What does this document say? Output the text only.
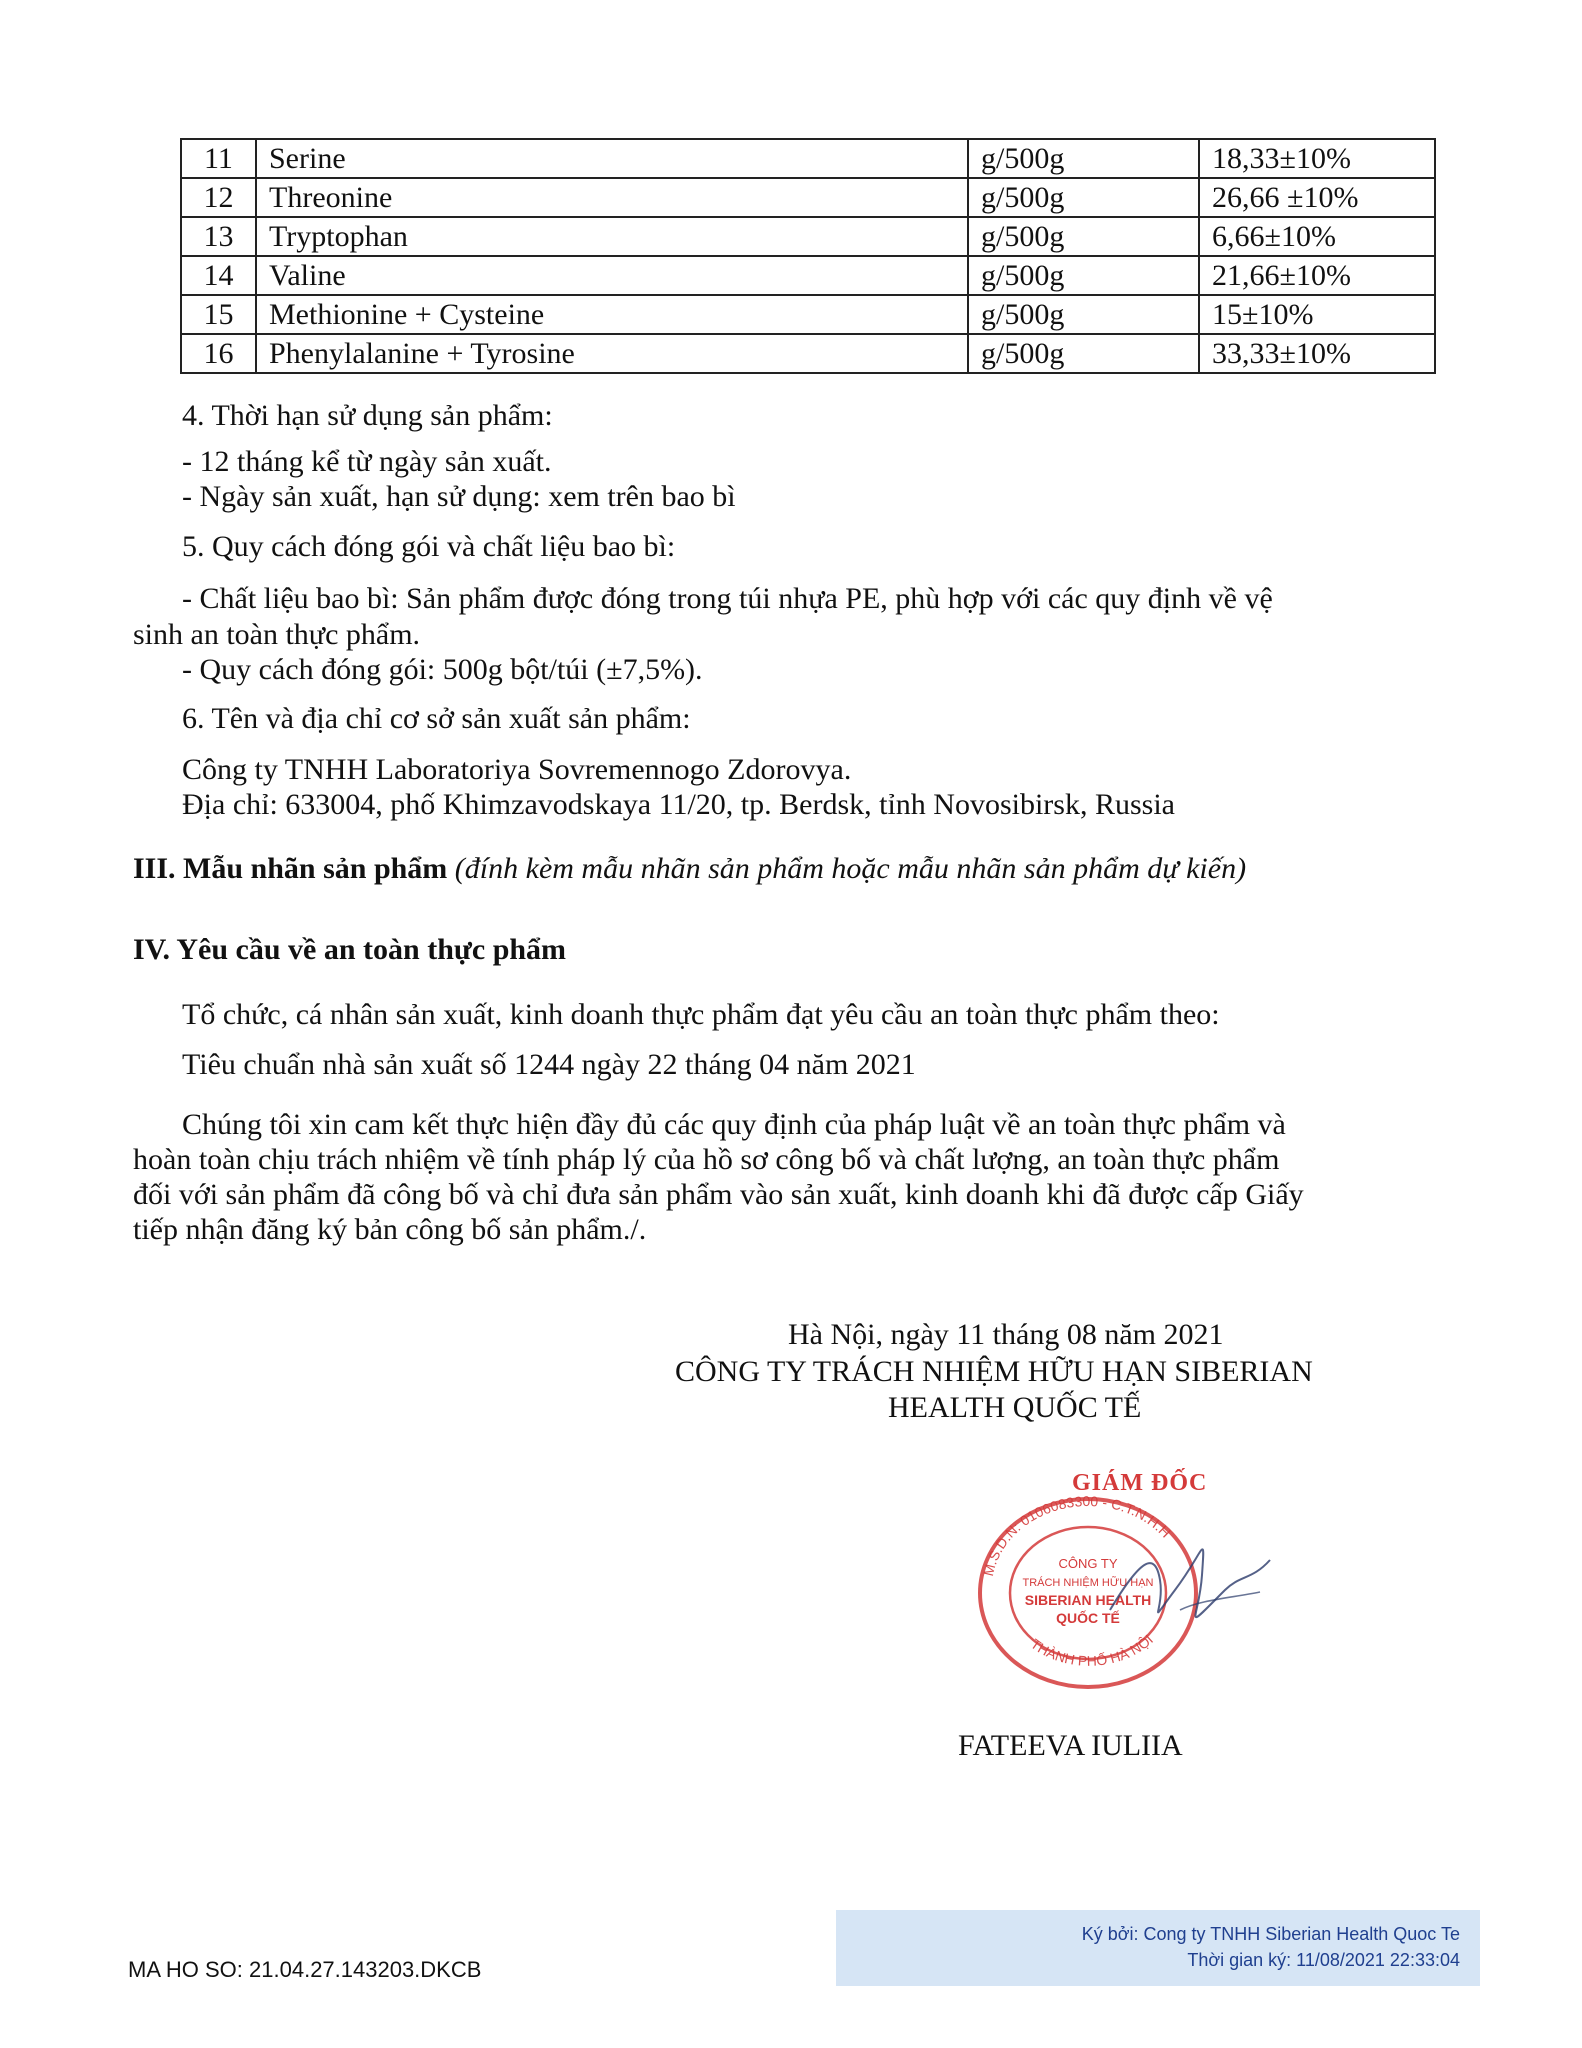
11	Serine	g/500g	18,33±10%
12	Threonine	g/500g	26,66 ±10%
13	Tryptophan	g/500g	6,66±10%
14	Valine	g/500g	21,66±10%
15	Methionine + Cysteine	g/500g	15±10%
16	Phenylalanine + Tyrosine	g/500g	33,33±10%
4. Thời hạn sử dụng sản phẩm:
- 12 tháng kể từ ngày sản xuất.
- Ngày sản xuất, hạn sử dụng: xem trên bao bì
5. Quy cách đóng gói và chất liệu bao bì:
- Chất liệu bao bì: Sản phẩm được đóng trong túi nhựa PE, phù hợp với các quy định về vệ
sinh an toàn thực phẩm.
- Quy cách đóng gói: 500g bột/túi (±7,5%).
6. Tên và địa chỉ cơ sở sản xuất sản phẩm:
Công ty TNHH Laboratoriya Sovremennogo Zdorovya.
Địa chỉ: 633004, phố Khimzavodskaya 11/20, tp. Berdsk, tỉnh Novosibirsk, Russia
III. Mẫu nhãn sản phẩm (đính kèm mẫu nhãn sản phẩm hoặc mẫu nhãn sản phẩm dự kiến)
IV. Yêu cầu về an toàn thực phẩm
Tổ chức, cá nhân sản xuất, kinh doanh thực phẩm đạt yêu cầu an toàn thực phẩm theo:
Tiêu chuẩn nhà sản xuất số 1244 ngày 22 tháng 04 năm 2021
Chúng tôi xin cam kết thực hiện đầy đủ các quy định của pháp luật về an toàn thực phẩm và
hoàn toàn chịu trách nhiệm về tính pháp lý của hồ sơ công bố và chất lượng, an toàn thực phẩm
đối với sản phẩm đã công bố và chỉ đưa sản phẩm vào sản xuất, kinh doanh khi đã được cấp Giấy
tiếp nhận đăng ký bản công bố sản phẩm./.
Hà Nội, ngày 11 tháng 08 năm 2021
CÔNG TY TRÁCH NHIỆM HỮU HẠN SIBERIAN
HEALTH QUỐC TẾ
GIÁM ĐỐC
M.S.D.N: 0106083300 - C.T.N.H.H
THÀNH PHỐ HÀ NỘI
CÔNG TY
TRÁCH NHIỆM HỮU HẠN
SIBERIAN HEALTH
QUỐC TẾ
FATEEVA IULIIA
Ký bởi: Cong ty TNHH Siberian Health Quoc Te
Thời gian ký: 11/08/2021 22:33:04
MA HO SO: 21.04.27.143203.DKCB
